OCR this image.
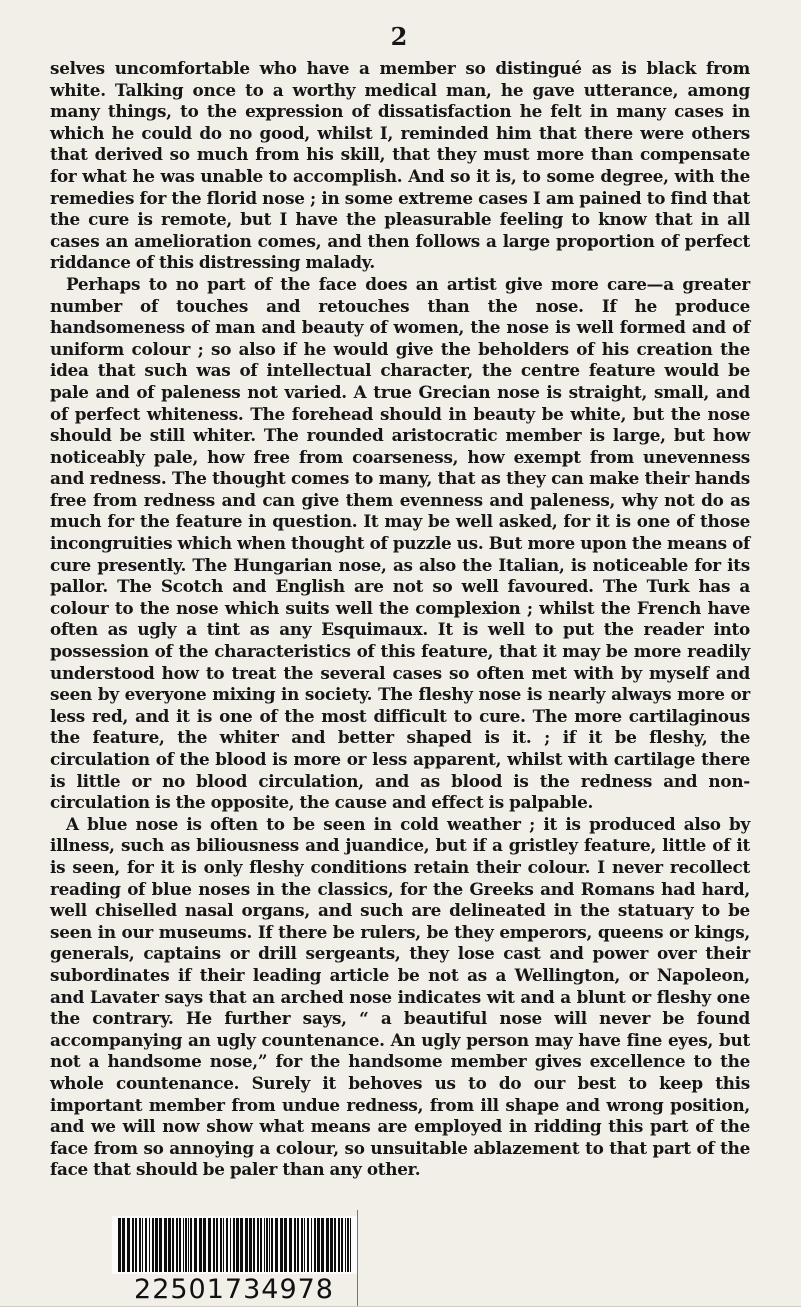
2

selves uncomfortable who have a member so distingué as is black from white. Talking once to a worthy medical man, he gave utterance, among many things, to the expression of dissatisfaction he felt in many cases in which he could do no good, whilst I, reminded him that there were others that derived so much from his skill, that they must more than compensate for what he was unable to accomplish. And so it is, to some degree, with the remedies for the florid nose ; in some extreme cases I am pained to find that the cure is remote, but I have the pleasurable feeling to know that in all cases an amelioration comes, and then follows a large proportion of perfect riddance of this distressing malady.

Perhaps to no part of the face does an artist give more care—a greater number of touches and retouches than the nose. If he produce handsomeness of man and beauty of women, the nose is well formed and of uniform colour ; so also if he would give the beholders of his creation the idea that such was of intellectual character, the centre feature would be pale and of paleness not varied. A true Grecian nose is straight, small, and of perfect whiteness. The forehead should in beauty be white, but the nose should be still whiter. The rounded aristocratic member is large, but how noticeably pale, how free from coarseness, how exempt from unevenness and redness. The thought comes to many, that as they can make their hands free from redness and can give them evenness and paleness, why not do as much for the feature in question. It may be well asked, for it is one of those incongruities which when thought of puzzle us. But more upon the means of cure presently. The Hungarian nose, as also the Italian, is noticeable for its pallor. The Scotch and English are not so well favoured. The Turk has a colour to the nose which suits well the complexion ; whilst the French have often as ugly a tint as any Esquimaux. It is well to put the reader into possession of the characteristics of this feature, that it may be more readily understood how to treat the several cases so often met with by myself and seen by everyone mixing in society. The fleshy nose is nearly always more or less red, and it is one of the most difficult to cure. The more cartilaginous the feature, the whiter and better shaped is it. ; if it be fleshy, the circulation of the blood is more or less apparent, whilst with cartilage there is little or no blood circulation, and as blood is the redness and non-circulation is the opposite, the cause and effect is palpable.

A blue nose is often to be seen in cold weather ; it is produced also by illness, such as biliousness and juandice, but if a gristley feature, little of it is seen, for it is only fleshy conditions retain their colour. I never recollect reading of blue noses in the classics, for the Greeks and Romans had hard, well chiselled nasal organs, and such are delineated in the statuary to be seen in our museums. If there be rulers, be they emperors, queens or kings, generals, captains or drill sergeants, they lose cast and power over their subordinates if their leading article be not as a Wellington, or Napoleon, and Lavater says that an arched nose indicates wit and a blunt or fleshy one the contrary. He further says, “ a beautiful nose will never be found accompanying an ugly countenance. An ugly person may have fine eyes, but not a handsome nose,” for the handsome member gives excellence to the whole countenance. Surely it behoves us to do our best to keep this important member from undue redness, from ill shape and wrong position, and we will now show what means are employed in ridding this part of the face from so annoying a colour, so unsuitable ablazement to that part of the face that should be paler than any other.

22501734978
